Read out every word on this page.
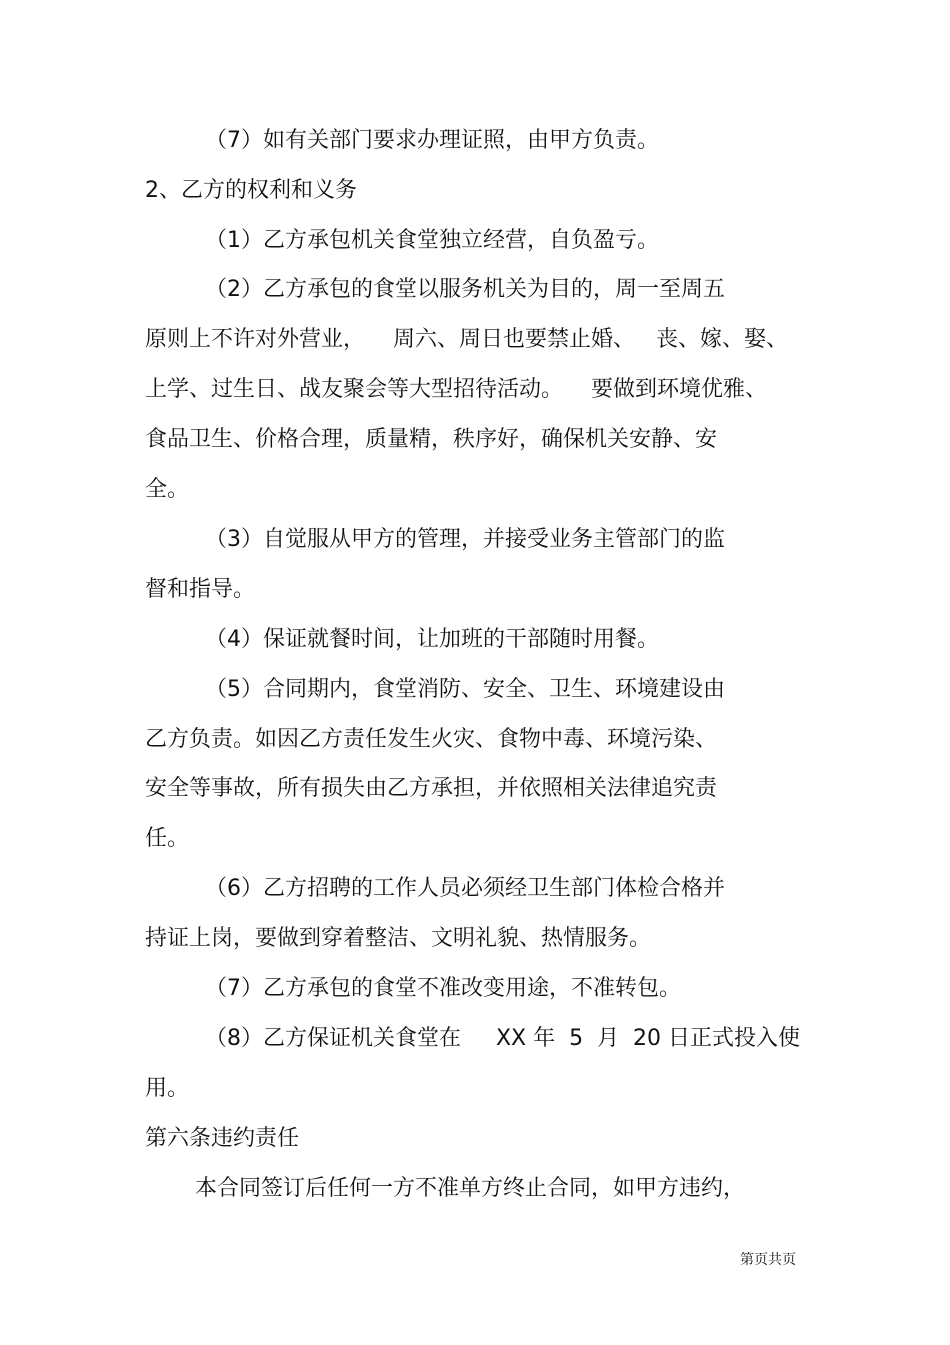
（7）如有关部门要求办理证照，由甲方负责。
2、乙方的权利和义务
（1）乙方承包机关食堂独立经营，自负盈亏。
（2）乙方承包的食堂以服务机关为目的，周一至周五
原则上不许对外营业，    周六、周日也要禁止婚、   丧、嫁、娶、
上学、过生日、战友聚会等大型招待活动。    要做到环境优雅、
食品卫生、价格合理，质量精，秩序好，确保机关安静、安
全。
（3）自觉服从甲方的管理，并接受业务主管部门的监
督和指导。
（4）保证就餐时间，让加班的干部随时用餐。
（5）合同期内，食堂消防、安全、卫生、环境建设由
乙方负责。如因乙方责任发生火灾、食物中毒、环境污染、
安全等事故，所有损失由乙方承担，并依照相关法律追究责
任。
（6）乙方招聘的工作人员必须经卫生部门体检合格并
持证上岗，要做到穿着整洁、文明礼貌、热情服务。
（7）乙方承包的食堂不准改变用途，不准转包。
（8）乙方保证机关食堂在     XX 年  5  月  20 日正式投入使
用。
第六条违约责任
本合同签订后任何一方不准单方终止合同，如甲方违约，
第页共页
